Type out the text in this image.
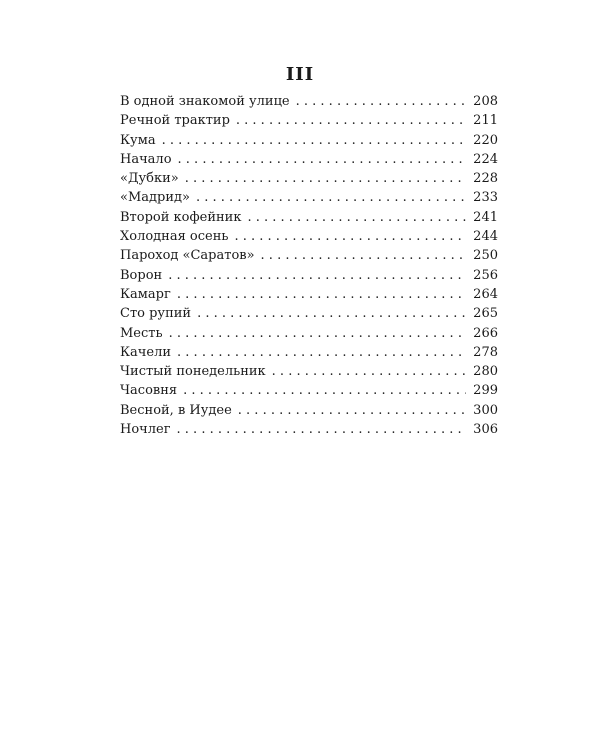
III
В одной знакомой улице . . .	208
Речной трактир . . .	211
Кума . . .	220
Начало . . .	224
«Дубки» . . .	228
«Мадрид» . . .	233
Второй кофейник . . .	241
Холодная осень . . .	244
Пароход «Саратов» . . .	250
Ворон . . .	256
Камарг . . .	264
Сто рупий . . .	265
Месть . . .	266
Качели . . .	278
Чистый понедельник . . .	280
Часовня . . .	299
Весной, в Иудее . . .	300
Ночлег . . .	306
